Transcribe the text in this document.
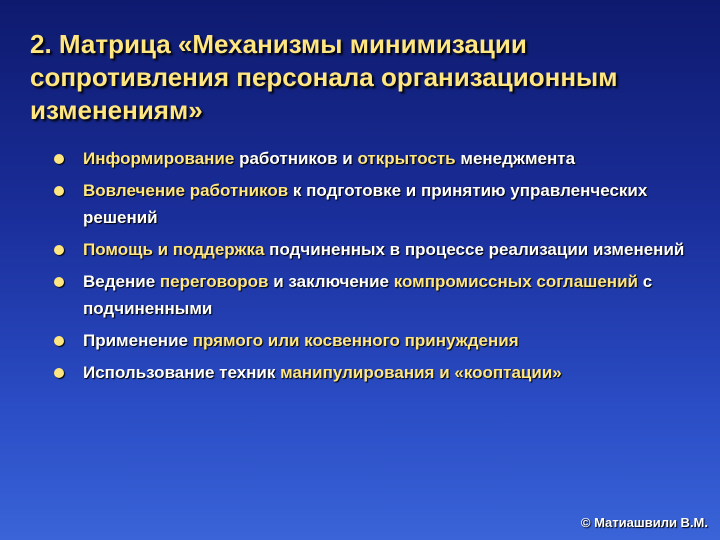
2. Матрица «Механизмы минимизации сопротивления персонала организационным изменениям»
Информирование работников и открытость менеджмента
Вовлечение работников к подготовке и принятию управленческих решений
Помощь и поддержка подчиненных в процессе реализации изменений
Ведение переговоров и заключение компромиссных соглашений с подчиненными
Применение прямого или косвенного принуждения
Использование техник манипулирования и «кооптации»
© Матиашвили В.М.
